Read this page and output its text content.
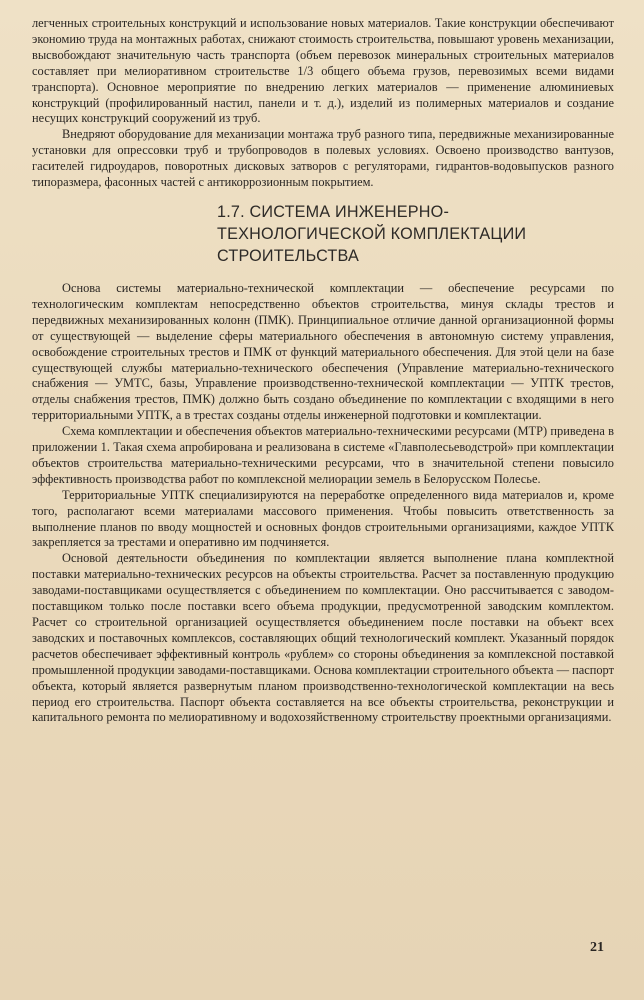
легченных строительных конструкций и использование новых материалов. Такие конструкции обеспечивают экономию труда на монтажных работах, снижают стоимость строительства, повышают уровень механизации, высвобождают значительную часть транспорта (объем перевозок минеральных строительных материалов составляет при мелиоративном строительстве 1/3 общего объема грузов, перевозимых всеми видами транспорта). Основное мероприятие по внедрению легких материалов — применение алюминиевых конструкций (профилированный настил, панели и т. д.), изделий из полимерных материалов и создание несущих конструкций сооружений из труб.

Внедряют оборудование для механизации монтажа труб разного типа, передвижные механизированные установки для опрессовки труб и трубопроводов в полевых условиях. Освоено производство вантузов, гасителей гидроударов, поворотных дисковых затворов с регуляторами, гидрантов-водовыпусков разного типоразмера, фасонных частей с антикоррозионным покрытием.

1.7. СИСТЕМА ИНЖЕНЕРНО-
ТЕХНОЛОГИЧЕСКОЙ КОМПЛЕКТАЦИИ
СТРОИТЕЛЬСТВА

Основа системы материально-технической комплектации — обеспечение ресурсами по технологическим комплектам непосредственно объектов строительства, минуя склады трестов и передвижных механизированных колонн (ПМК). Принципиальное отличие данной организационной формы от существующей — выделение сферы материального обеспечения в автономную систему управления, освобождение строительных трестов и ПМК от функций материального обеспечения. Для этой цели на базе существующей службы материально-технического обеспечения (Управление материально-технического снабжения — УМТС, базы, Управление производственно-технической комплектации — УПТК трестов, отделы снабжения трестов, ПМК) должно быть создано объединение по комплектации с входящими в него территориальными УПТК, а в трестах созданы отделы инженерной подготовки и комплектации.

Схема комплектации и обеспечения объектов материально-техническими ресурсами (МТР) приведена в приложении 1. Такая схема апробирована и реализована в системе «Главполесьеводстрой» при комплектации объектов строительства материально-техническими ресурсами, что в значительной степени повысило эффективность производства работ по комплексной мелиорации земель в Белорусском Полесье.

Территориальные УПТК специализируются на переработке определенного вида материалов и, кроме того, располагают всеми материалами массового применения. Чтобы повысить ответственность за выполнение планов по вводу мощностей и основных фондов строительными организациями, каждое УПТК закрепляется за трестами и оперативно им подчиняется.

Основой деятельности объединения по комплектации является выполнение плана комплектной поставки материально-технических ресурсов на объекты строительства. Расчет за поставленную продукцию заводами-поставщиками осуществляется с объединением по комплектации. Оно рассчитывается с заводом-поставщиком только после поставки всего объема продукции, предусмотренной заводским комплектом. Расчет со строительной организацией осуществляется объединением после поставки на объект всех заводских и поставочных комплексов, составляющих общий технологический комплект. Указанный порядок расчетов обеспечивает эффективный контроль «рублем» со стороны объединения за комплексной поставкой промышленной продукции заводами-поставщиками. Основа комплектации строительного объекта — паспорт объекта, который является развернутым планом производственно-технологической комплектации на весь период его строительства. Паспорт объекта составляется на все объекты строительства, реконструкции и капитального ремонта по мелиоративному и водохозяйственному строительству проектными организациями.

21
